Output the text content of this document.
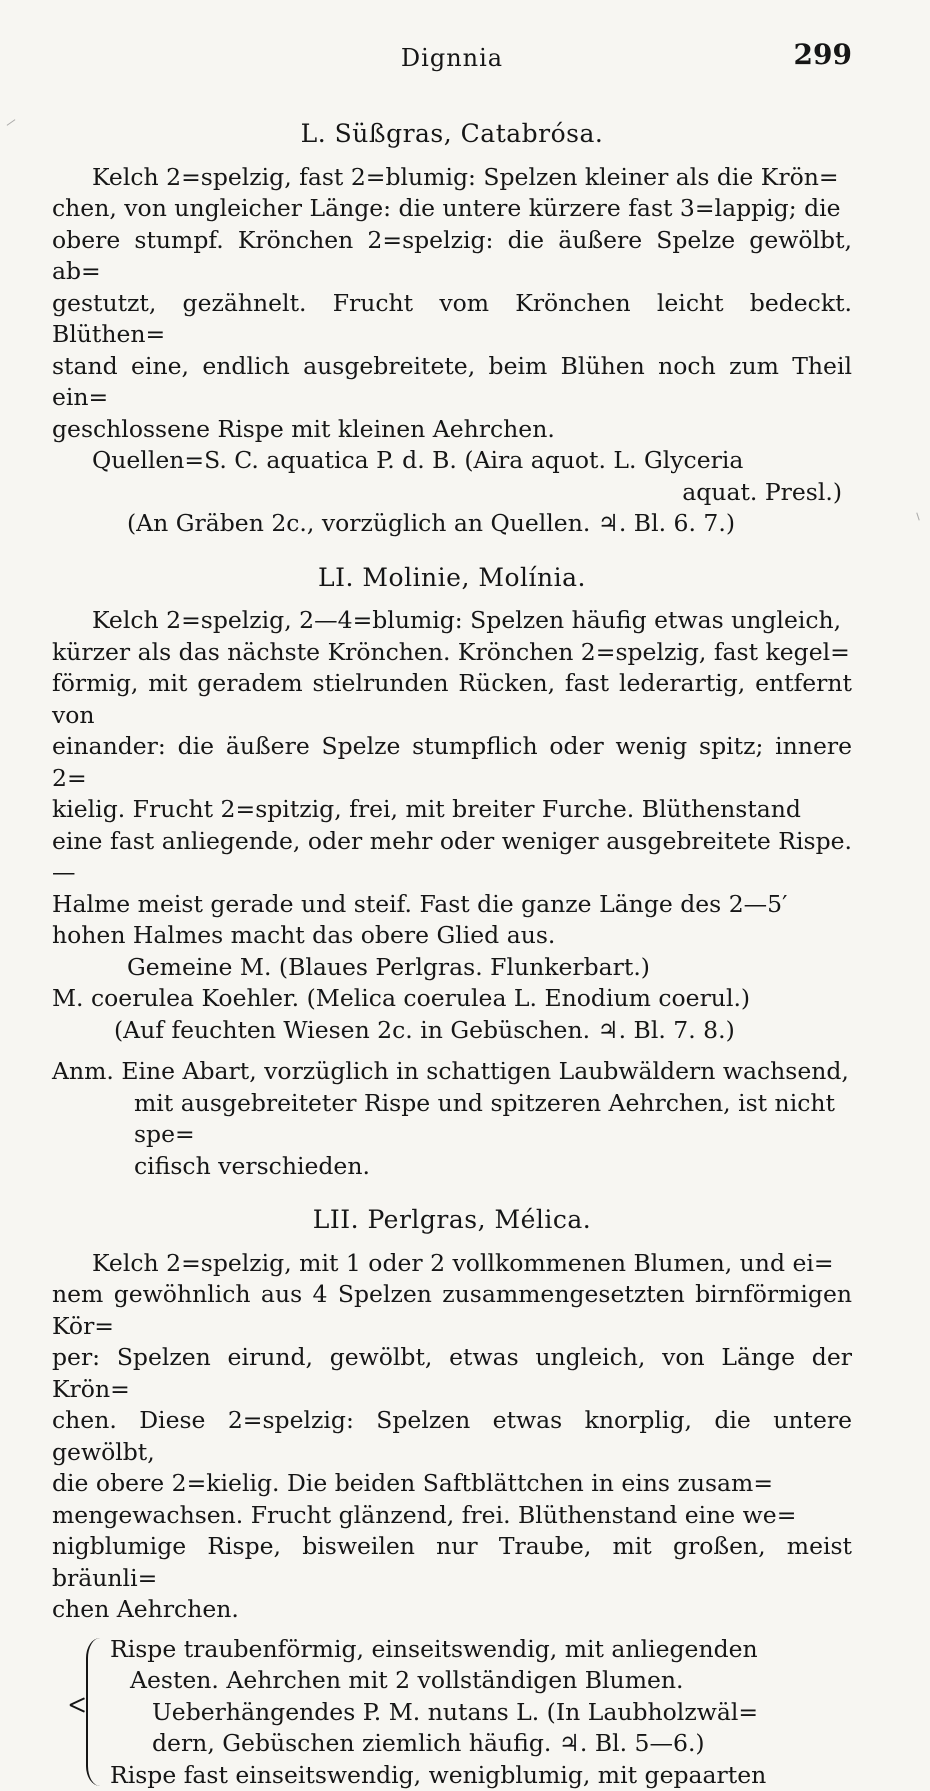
Dignnia	299
L. Süßgras, Catabrósa.
Kelch 2=spelzig, fast 2=blumig: Spelzen kleiner als die Krön=
chen, von ungleicher Länge: die untere kürzere fast 3=lappig; die
obere stumpf. Krönchen 2=spelzig: die äußere Spelze gewölbt, ab=
gestutzt, gezähnelt. Frucht vom Krönchen leicht bedeckt. Blüthen=
stand eine, endlich ausgebreitete, beim Blühen noch zum Theil ein=
geschlossene Rispe mit kleinen Aehrchen.

Quellen=S. C. aquatica P. d. B. (Aira aquot. L. Glyceria

aquat. Presl.)

(An Gräben 2c., vorzüglich an Quellen. ♃. Bl. 6. 7.)

LI. Molinie, Molínia.
Kelch 2=spelzig, 2—4=blumig: Spelzen häufig etwas ungleich,
kürzer als das nächste Krönchen. Krönchen 2=spelzig, fast kegel=
förmig, mit geradem stielrunden Rücken, fast lederartig, entfernt von
einander: die äußere Spelze stumpflich oder wenig spitz; innere 2=
kielig. Frucht 2=spitzig, frei, mit breiter Furche. Blüthenstand
eine fast anliegende, oder mehr oder weniger ausgebreitete Rispe.—
Halme meist gerade und steif. Fast die ganze Länge des 2—5′
hohen Halmes macht das obere Glied aus.

Gemeine M. (Blaues Perlgras. Flunkerbart.)

M. coerulea Koehler. (Melica coerulea L. Enodium coerul.)

(Auf feuchten Wiesen 2c. in Gebüschen. ♃. Bl. 7. 8.)

Anm. Eine Abart, vorzüglich in schattigen Laubwäldern wachsend,
mit ausgebreiteter Rispe und spitzeren Aehrchen, ist nicht spe=
cifisch verschieden.
LII. Perlgras, Mélica.
Kelch 2=spelzig, mit 1 oder 2 vollkommenen Blumen, und ei=
nem gewöhnlich aus 4 Spelzen zusammengesetzten birnförmigen Kör=
per: Spelzen eirund, gewölbt, etwas ungleich, von Länge der Krön=
chen. Diese 2=spelzig: Spelzen etwas knorplig, die untere gewölbt,
die obere 2=kielig. Die beiden Saftblättchen in eins zusam=
mengewachsen. Frucht glänzend, frei. Blüthenstand eine we=
nigblumige Rispe, bisweilen nur Traube, mit großen, meist bräunli=
chen Aehrchen.
Rispe traubenförmig, einseitswendig, mit anliegenden
Aesten. Aehrchen mit 2 vollständigen Blumen.
Ueberhängendes P. M. nutans L. (In Laubholzwäl=
dern, Gebüschen ziemlich häufig. ♃. Bl. 5—6.)
Rispe fast einseitswendig, wenigblumig, mit gepaarten
